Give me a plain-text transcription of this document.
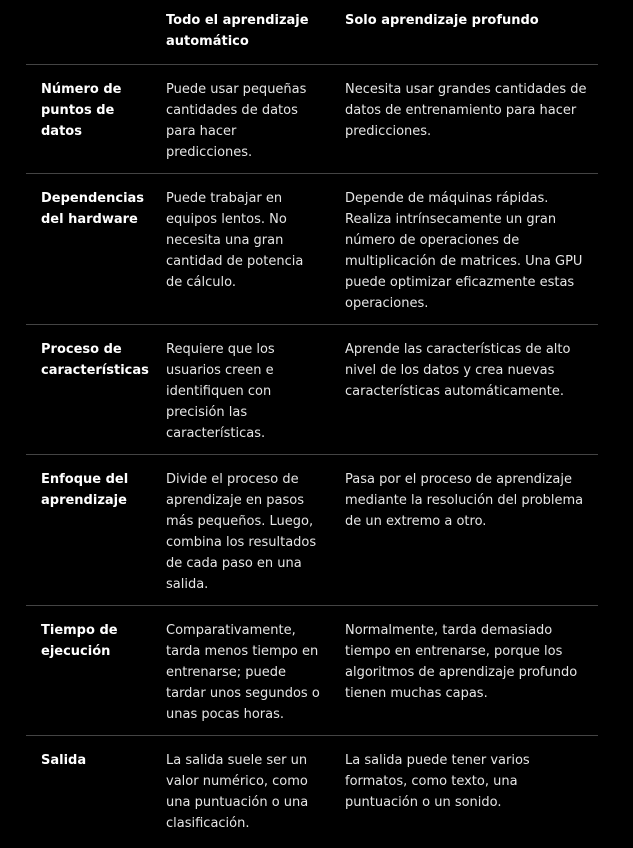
Todo el aprendizaje automático
Solo aprendizaje profundo
Número de puntos de datos
Puede usar pequeñas cantidades de datos para hacer predicciones.
Necesita usar grandes cantidades de datos de entrenamiento para hacer predicciones.
Dependencias del hardware
Puede trabajar en equipos lentos. No necesita una gran cantidad de potencia de cálculo.
Depende de máquinas rápidas. Realiza intrínsecamente un gran número de operaciones de multiplicación de matrices. Una GPU puede optimizar eficazmente estas operaciones.
Proceso de características
Requiere que los usuarios creen e identifiquen con precisión las características.
Aprende las características de alto nivel de los datos y crea nuevas características automáticamente.
Enfoque del aprendizaje
Divide el proceso de aprendizaje en pasos más pequeños. Luego, combina los resultados de cada paso en una salida.
Pasa por el proceso de aprendizaje mediante la resolución del problema de un extremo a otro.
Tiempo de ejecución
Comparativamente, tarda menos tiempo en entrenarse; puede tardar unos segundos o unas pocas horas.
Normalmente, tarda demasiado tiempo en entrenarse, porque los algoritmos de aprendizaje profundo tienen muchas capas.
Salida	La salida suele ser un valor numérico, como una puntuación o una clasificación.
La salida puede tener varios formatos, como texto, una puntuación o un sonido.
